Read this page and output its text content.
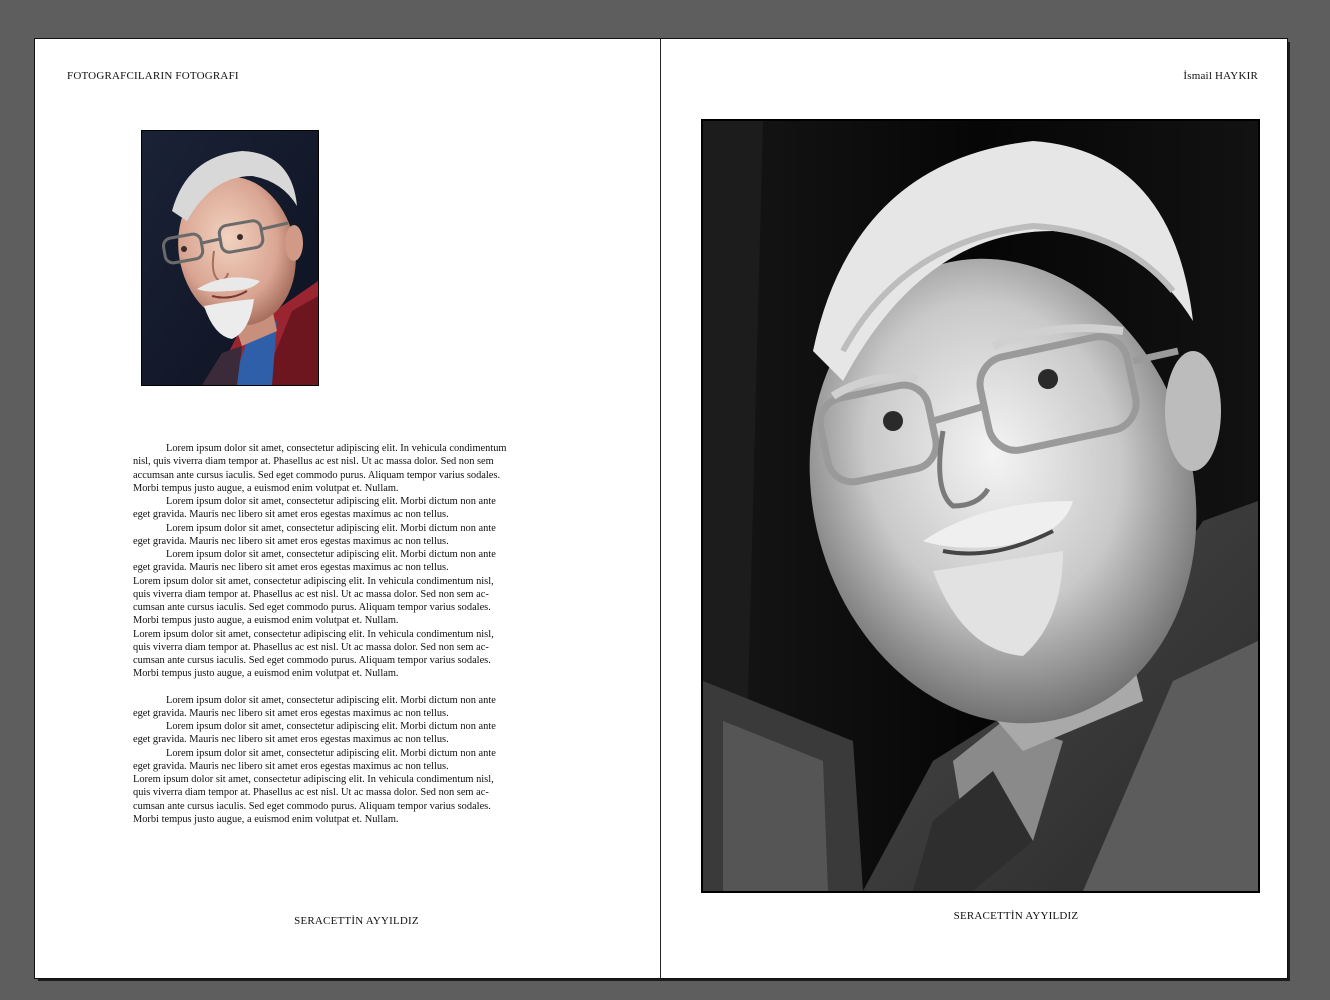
FOTOGRAFCILARIN FOTOGRAFI

Lorem ipsum dolor sit amet, consectetur adipiscing elit. In vehicula condimentum

nisl, quis viverra diam tempor at. Phasellus ac est nisl. Ut ac massa dolor. Sed non sem

accumsan ante cursus iaculis. Sed eget commodo purus. Aliquam tempor varius sodales.

Morbi tempus justo augue, a euismod enim volutpat et. Nullam.

Lorem ipsum dolor sit amet, consectetur adipiscing elit. Morbi dictum non ante

eget gravida. Mauris nec libero sit amet eros egestas maximus ac non tellus.

Lorem ipsum dolor sit amet, consectetur adipiscing elit. Morbi dictum non ante

eget gravida. Mauris nec libero sit amet eros egestas maximus ac non tellus.

Lorem ipsum dolor sit amet, consectetur adipiscing elit. Morbi dictum non ante

eget gravida. Mauris nec libero sit amet eros egestas maximus ac non tellus.

Lorem ipsum dolor sit amet, consectetur adipiscing elit. In vehicula condimentum nisl,

quis viverra diam tempor at. Phasellus ac est nisl. Ut ac massa dolor. Sed non sem ac-

cumsan ante cursus iaculis. Sed eget commodo purus. Aliquam tempor varius sodales.

Morbi tempus justo augue, a euismod enim volutpat et. Nullam.

Lorem ipsum dolor sit amet, consectetur adipiscing elit. In vehicula condimentum nisl,

quis viverra diam tempor at. Phasellus ac est nisl. Ut ac massa dolor. Sed non sem ac-

cumsan ante cursus iaculis. Sed eget commodo purus. Aliquam tempor varius sodales.

Morbi tempus justo augue, a euismod enim volutpat et. Nullam.

Lorem ipsum dolor sit amet, consectetur adipiscing elit. Morbi dictum non ante

eget gravida. Mauris nec libero sit amet eros egestas maximus ac non tellus.

Lorem ipsum dolor sit amet, consectetur adipiscing elit. Morbi dictum non ante

eget gravida. Mauris nec libero sit amet eros egestas maximus ac non tellus.

Lorem ipsum dolor sit amet, consectetur adipiscing elit. Morbi dictum non ante

eget gravida. Mauris nec libero sit amet eros egestas maximus ac non tellus.

Lorem ipsum dolor sit amet, consectetur adipiscing elit. In vehicula condimentum nisl,

quis viverra diam tempor at. Phasellus ac est nisl. Ut ac massa dolor. Sed non sem ac-

cumsan ante cursus iaculis. Sed eget commodo purus. Aliquam tempor varius sodales.

Morbi tempus justo augue, a euismod enim volutpat et. Nullam.

SERACETTİN AYYILDIZ
İsmail HAYKIR
SERACETTİN AYYILDIZ
